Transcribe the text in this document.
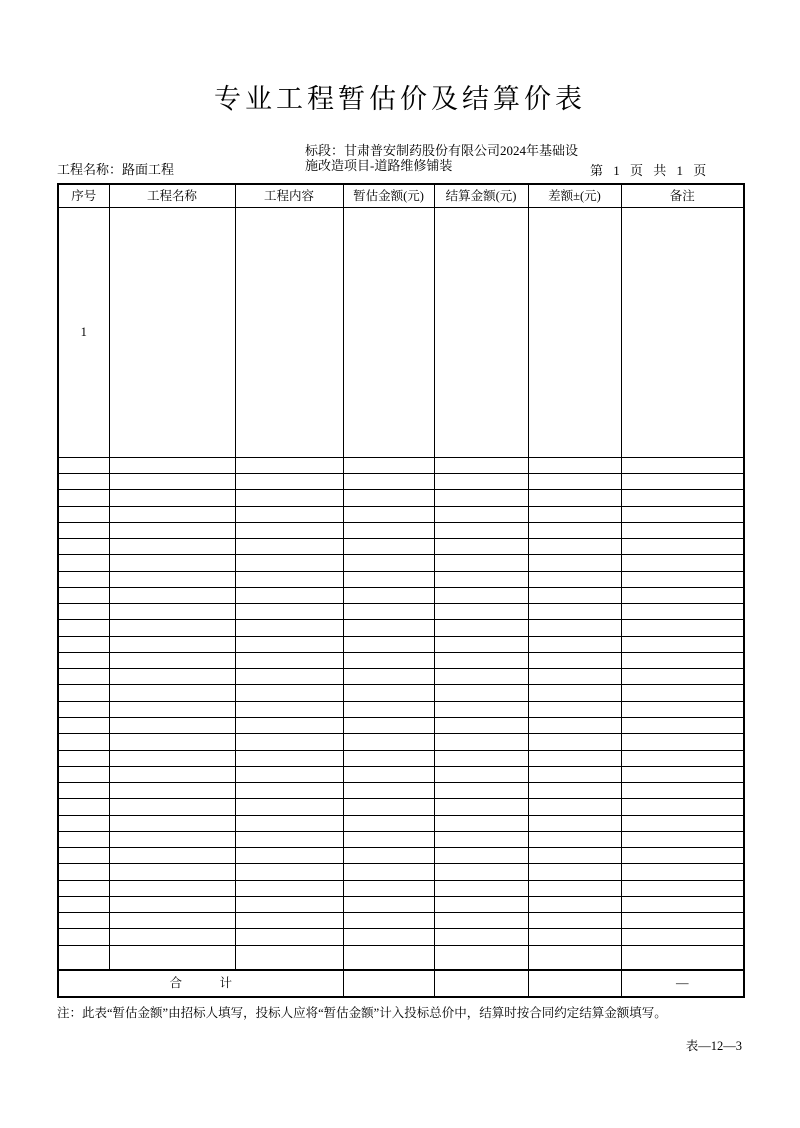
专业工程暂估价及结算价表
工程名称：路面工程
标段：甘肃普安制药股份有限公司2024年基础设
施改造项目-道路维修铺装	第 1 页 共 1 页
序号	工程名称	工程内容	暂估金额(元)	结算金额(元)	差额±(元)	备注
1						

合　　　计						—
注：此表“暂估金额”由招标人填写，投标人应将“暂估金额”计入投标总价中，结算时按合同约定结算金额填写。
表—12—3
